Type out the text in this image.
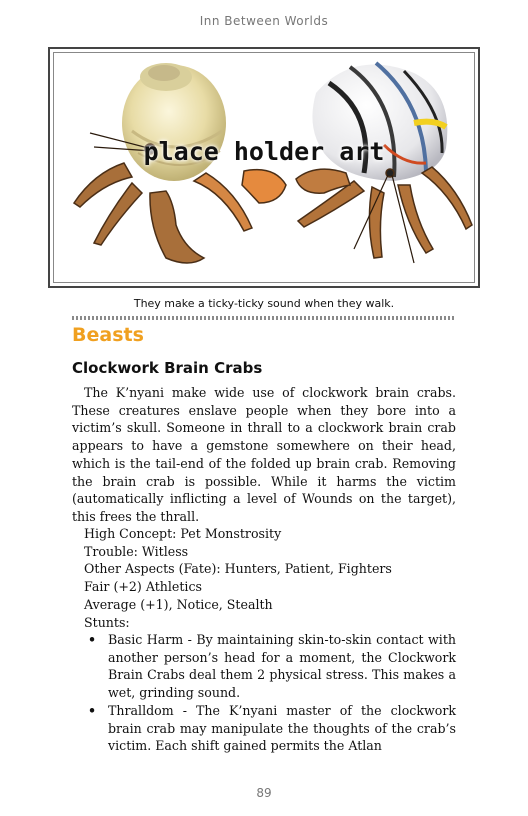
Inn Between Worlds
place holder art
They make a ticky-ticky sound when they walk.
Beasts
Clockwork Brain Crabs

The K’nyani make wide use of clockwork brain crabs. These creatures enslave people when they bore into a victim’s skull. Someone in thrall to a clockwork brain crab appears to have a gemstone somewhere on their head, which is the tail-end of the folded up brain crab. Removing the brain crab is possible. While it harms the victim (automatically inflicting a level of Wounds on the target), this frees the thrall.

High Concept: Pet Monstrosity
Trouble: Witless
Other Aspects (Fate): Hunters, Patient, Fighters
Fair (+2) Athletics
Average (+1), Notice, Stealth
Stunts:
• Basic Harm - By maintaining skin-to-skin contact with another person’s head for a moment, the Clockwork Brain Crabs deal them 2 physical stress. This makes a wet, grinding sound.
• Thralldom - The K’nyani master of the clockwork brain crab may manipulate the thoughts of the crab’s victim. Each shift gained permits the Atlan
89
